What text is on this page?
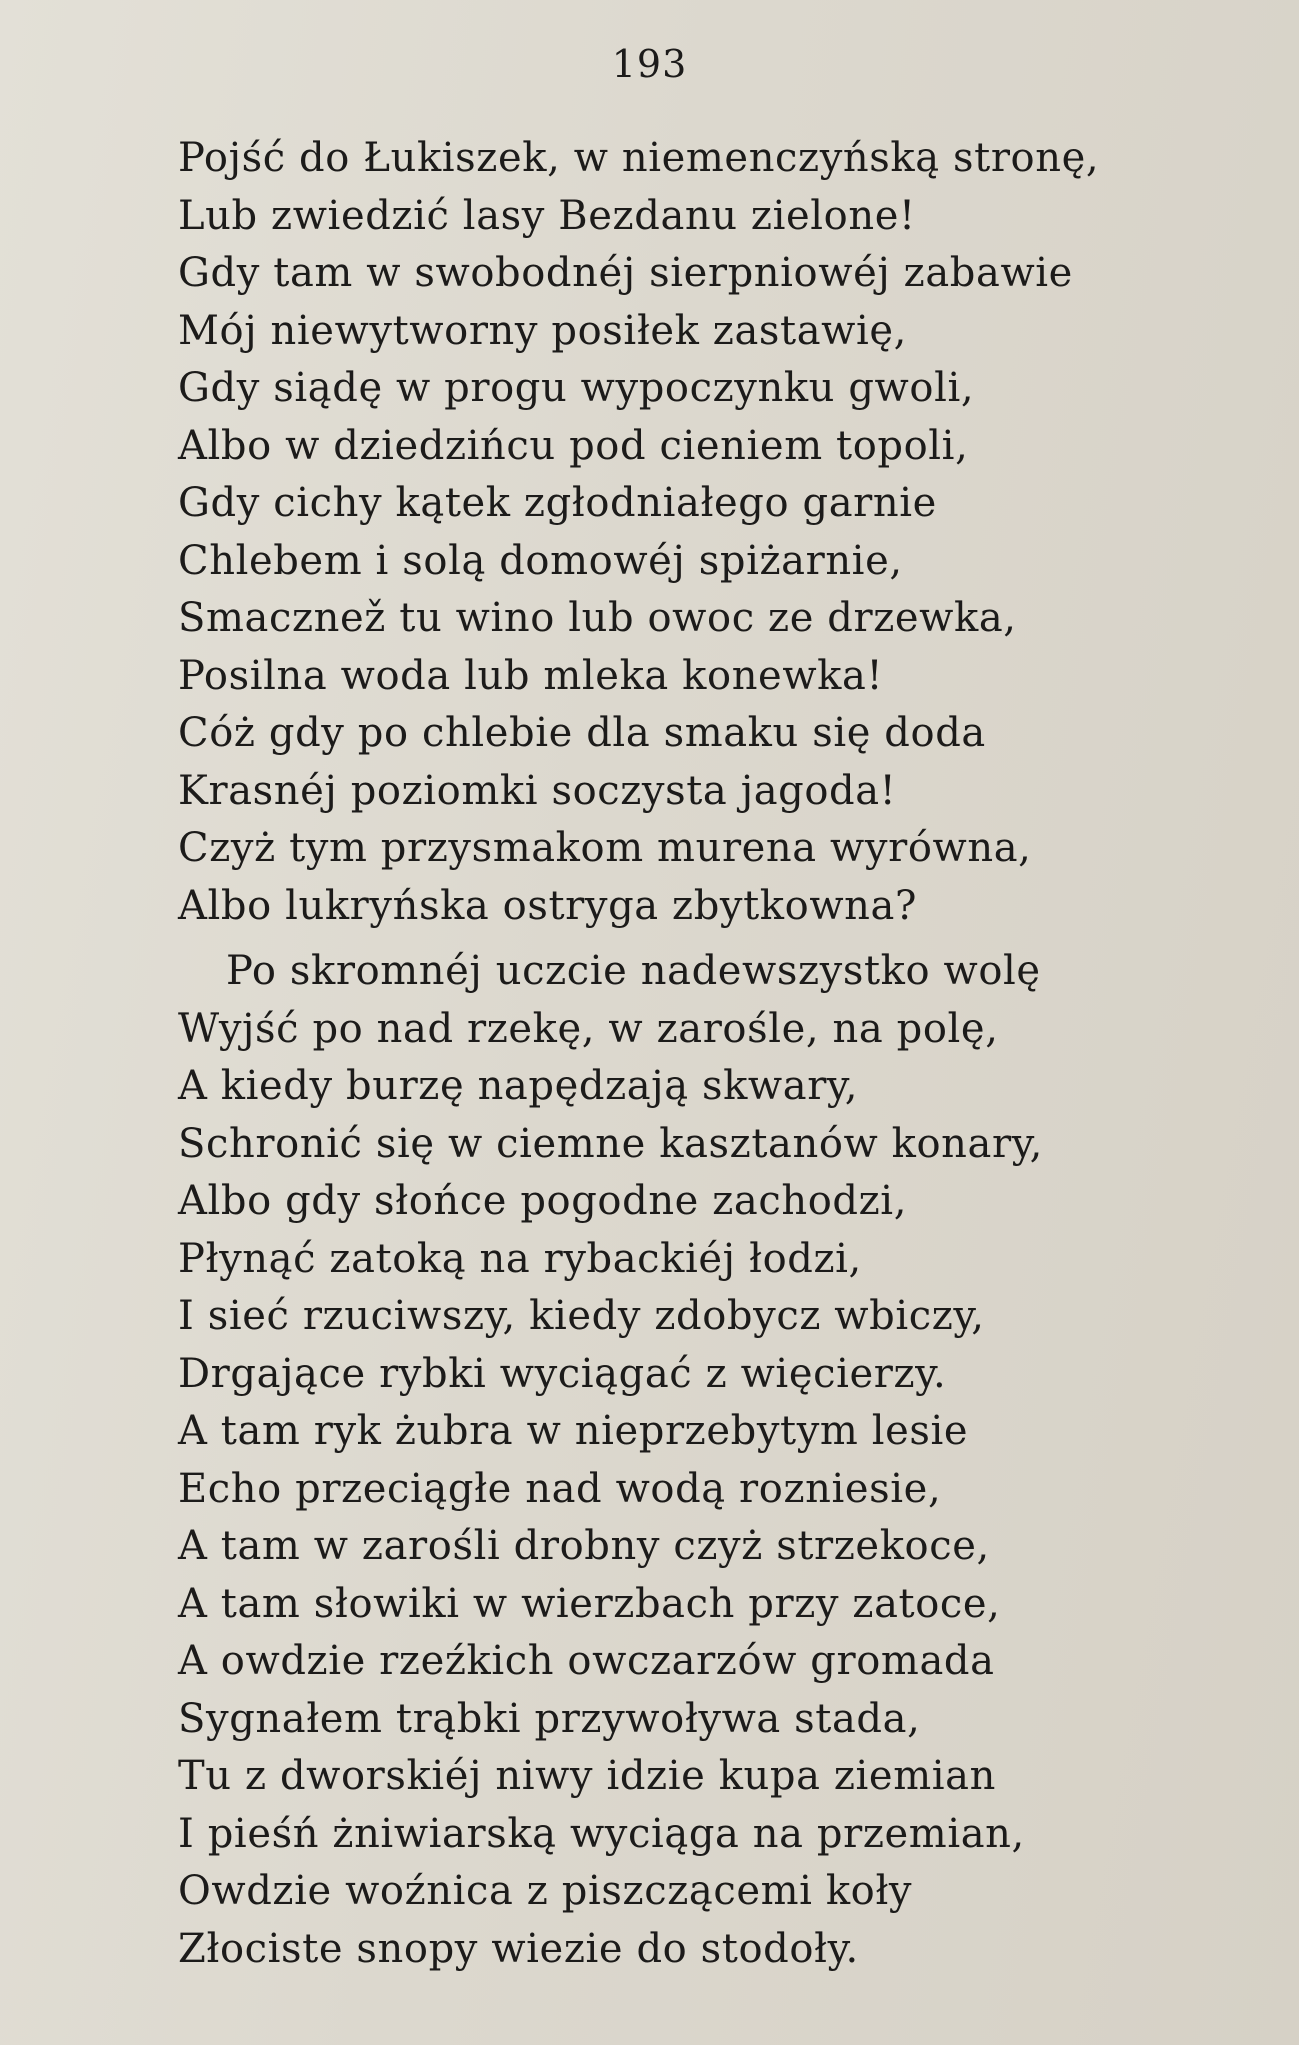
193
Pojść do Łukiszek, w niemenczyńską stronę,
Lub zwiedzić lasy Bezdanu zielone!
Gdy tam w swobodnéj sierpniowéj zabawie
Mój niewytworny posiłek zastawię,
Gdy siądę w progu wypoczynku gwoli,
Albo w dziedzińcu pod cieniem topoli,
Gdy cichy kątek zgłodniałego garnie
Chlebem i solą domowéj spiżarnie,
Smacznež tu wino lub owoc ze drzewka,
Posilna woda lub mleka konewka!
Cóż gdy po chlebie dla smaku się doda
Krasnéj poziomki soczysta jagoda!
Czyż tym przysmakom murena wyrówna,
Albo lukryńska ostryga zbytkowna?
Po skromnéj uczcie nadewszystko wolę
Wyjść po nad rzekę, w zarośle, na polę,
A kiedy burzę napędzają skwary,
Schronić się w ciemne kasztanów konary,
Albo gdy słońce pogodne zachodzi,
Płynąć zatoką na rybackiéj łodzi,
I sieć rzuciwszy, kiedy zdobycz wbiczy,
Drgające rybki wyciągać z więcierzy.
A tam ryk żubra w nieprzebytym lesie
Echo przeciągłe nad wodą rozniesie,
A tam w zarośli drobny czyż strzekoce,
A tam słowiki w wierzbach przy zatoce,
A owdzie rzeźkich owczarzów gromada
Sygnałem trąbki przywoływa stada,
Tu z dworskiéj niwy idzie kupa ziemian
I pieśń żniwiarską wyciąga na przemian,
Owdzie woźnica z piszczącemi koły
Złociste snopy wiezie do stodoły.
